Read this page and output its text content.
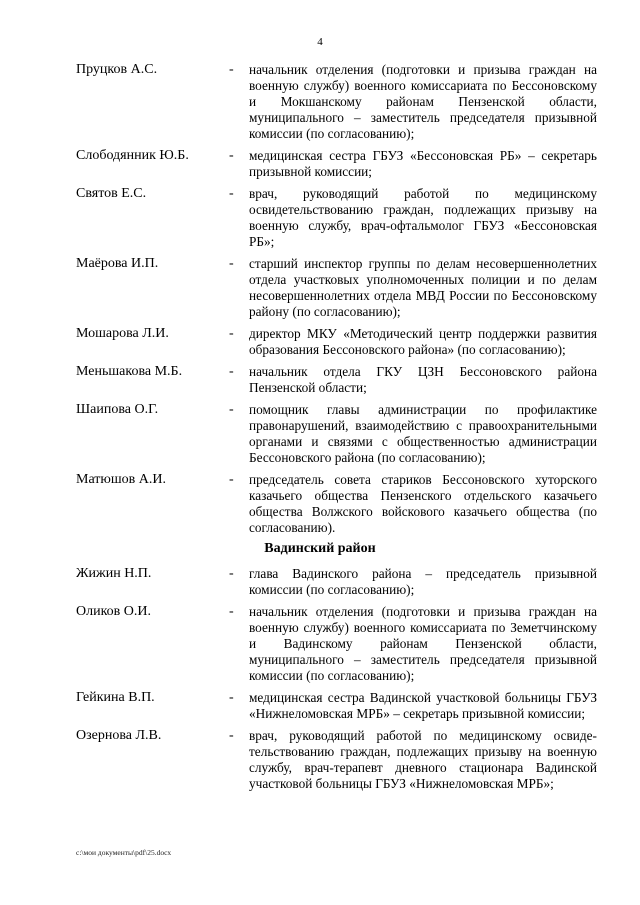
4
Пруцков А.С.	- начальник отделения (подготовки и призыва граждан на военную службу) военного комиссариата по Бессоновскому и Мокшанскому районам Пензенской области, муниципального – заместитель председателя призывной комиссии (по согласованию);
Слободянник Ю.Б.	- медицинская сестра ГБУЗ «Бессоновская РБ» – секретарь призывной комиссии;
Святов Е.С.	- врач, руководящий работой по медицинскому освидетельствованию граждан, подлежащих призыву на военную службу, врач-офтальмолог ГБУЗ «Бессоновская РБ»;
Маёрова И.П.	- старший инспектор группы по делам несовершеннолетних отдела участковых уполномоченных полиции и по делам несовершеннолетних отдела МВД России по Бессоновскому району (по согласованию);
Мошарова Л.И.	- директор МКУ «Методический центр поддержки развития образования Бессоновского района» (по согласованию);
Меньшакова М.Б.	- начальник отдела ГКУ ЦЗН Бессоновского района Пензенской области;
Шаипова О.Г.	- помощник главы администрации по профилактике правонарушений, взаимодействию с правоохранительными органами и связями с общественностью администрации Бессоновского района (по согласованию);
Матюшов А.И.	- председатель совета стариков Бессоновского хуторского казачьего общества Пензенского отдельского казачьего общества Волжского войскового казачьего общества (по согласованию).
Вадинский район
Жижин Н.П.	- глава Вадинского района – председатель призывной комиссии (по согласованию);
Оликов О.И.	- начальник отделения (подготовки и призыва граждан на военную службу) военного комиссариата по Земетчинскому и Вадинскому районам Пензенской области, муниципального – заместитель председателя призывной комиссии (по согласованию);
Гейкина В.П.	- медицинская сестра Вадинской участковой больницы ГБУЗ «Нижнеломовская МРБ» – секретарь призывной комиссии;
Озернова Л.В.	- врач, руководящий работой по медицинскому освиде-тельствованию граждан, подлежащих призыву на военную службу, врач-терапевт дневного стационара Вадинской участковой больницы ГБУЗ «Нижнеломовская МРБ»;
c:\мои документы\pdf\25.docx
